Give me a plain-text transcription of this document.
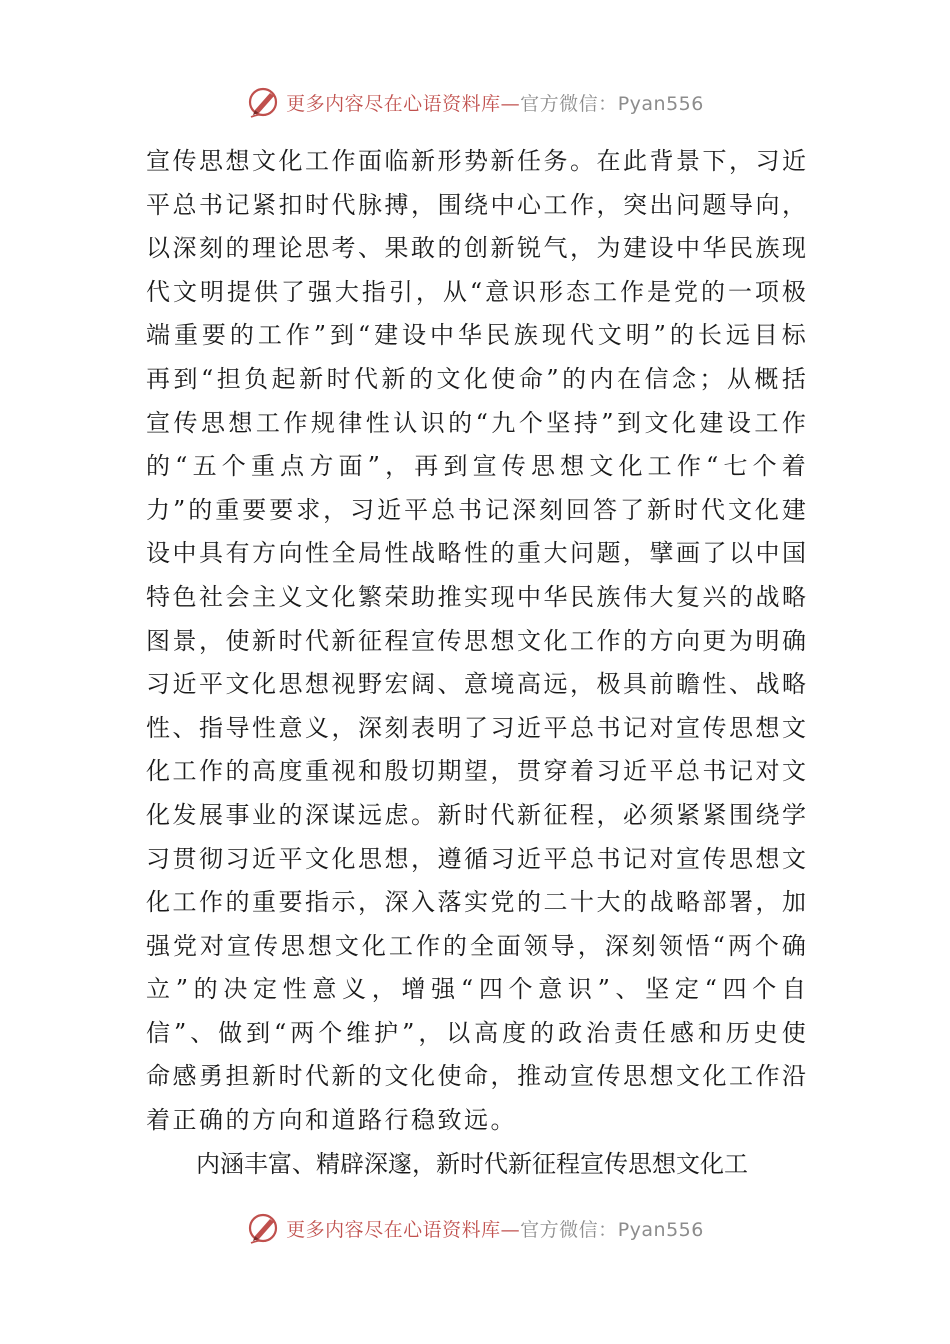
更多内容尽在心语资料库—官方微信：Pyan556
宣 传 思 想 文 化 工 作 面 临 新 形 势 新 任 务 。 在 此 背 景 下 ， 习 近
平 总 书 记 紧 扣 时 代 脉 搏 ， 围 绕 中 心 工 作 ， 突 出 问 题 导 向 ，
以 深 刻 的 理 论 思 考 、 果 敢 的 创 新 锐 气 ， 为 建 设 中 华 民 族 现
代 文 明 提 供 了 强 大 指 引 ， 从 “ 意 识 形 态 工 作 是 党 的 一 项 极
端 重 要 的 工 作 ” 到 “ 建 设 中 华 民 族 现 代 文 明 ” 的 长 远 目 标
再 到 “ 担 负 起 新 时 代 新 的 文 化 使 命 ” 的 内 在 信 念 ； 从 概 括
宣 传 思 想 工 作 规 律 性 认 识 的 “ 九 个 坚 持 ” 到 文 化 建 设 工 作
的 “ 五 个 重 点 方 面 ” ， 再 到 宣 传 思 想 文 化 工 作 “ 七 个 着
力 ” 的 重 要 要 求 ， 习 近 平 总 书 记 深 刻 回 答 了 新 时 代 文 化 建
设 中 具 有 方 向 性 全 局 性 战 略 性 的 重 大 问 题 ， 擘 画 了 以 中 国
特 色 社 会 主 义 文 化 繁 荣 助 推 实 现 中 华 民 族 伟 大 复 兴 的 战 略
图 景 ， 使 新 时 代 新 征 程 宣 传 思 想 文 化 工 作 的 方 向 更 为 明 确
习 近 平 文 化 思 想 视 野 宏 阔 、 意 境 高 远 ， 极 具 前 瞻 性 、 战 略
性 、 指 导 性 意 义 ， 深 刻 表 明 了 习 近 平 总 书 记 对 宣 传 思 想 文
化 工 作 的 高 度 重 视 和 殷 切 期 望 ， 贯 穿 着 习 近 平 总 书 记 对 文
化 发 展 事 业 的 深 谋 远 虑 。 新 时 代 新 征 程 ， 必 须 紧 紧 围 绕 学
习 贯 彻 习 近 平 文 化 思 想 ， 遵 循 习 近 平 总 书 记 对 宣 传 思 想 文
化 工 作 的 重 要 指 示 ， 深 入 落 实 党 的 二 十 大 的 战 略 部 署 ， 加
强 党 对 宣 传 思 想 文 化 工 作 的 全 面 领 导 ， 深 刻 领 悟 “ 两 个 确
立 ” 的 决 定 性 意 义 ， 增 强 “ 四 个 意 识 ” 、 坚 定 “ 四 个 自
信 ” 、 做 到 “ 两 个 维 护 ” ， 以 高 度 的 政 治 责 任 感 和 历 史 使
命 感 勇 担 新 时 代 新 的 文 化 使 命 ， 推 动 宣 传 思 想 文 化 工 作 沿
着正确的方向和道路行稳致远。
内涵丰富、精辟深邃，新时代新征程宣传思想文化工
更多内容尽在心语资料库—官方微信：Pyan556
